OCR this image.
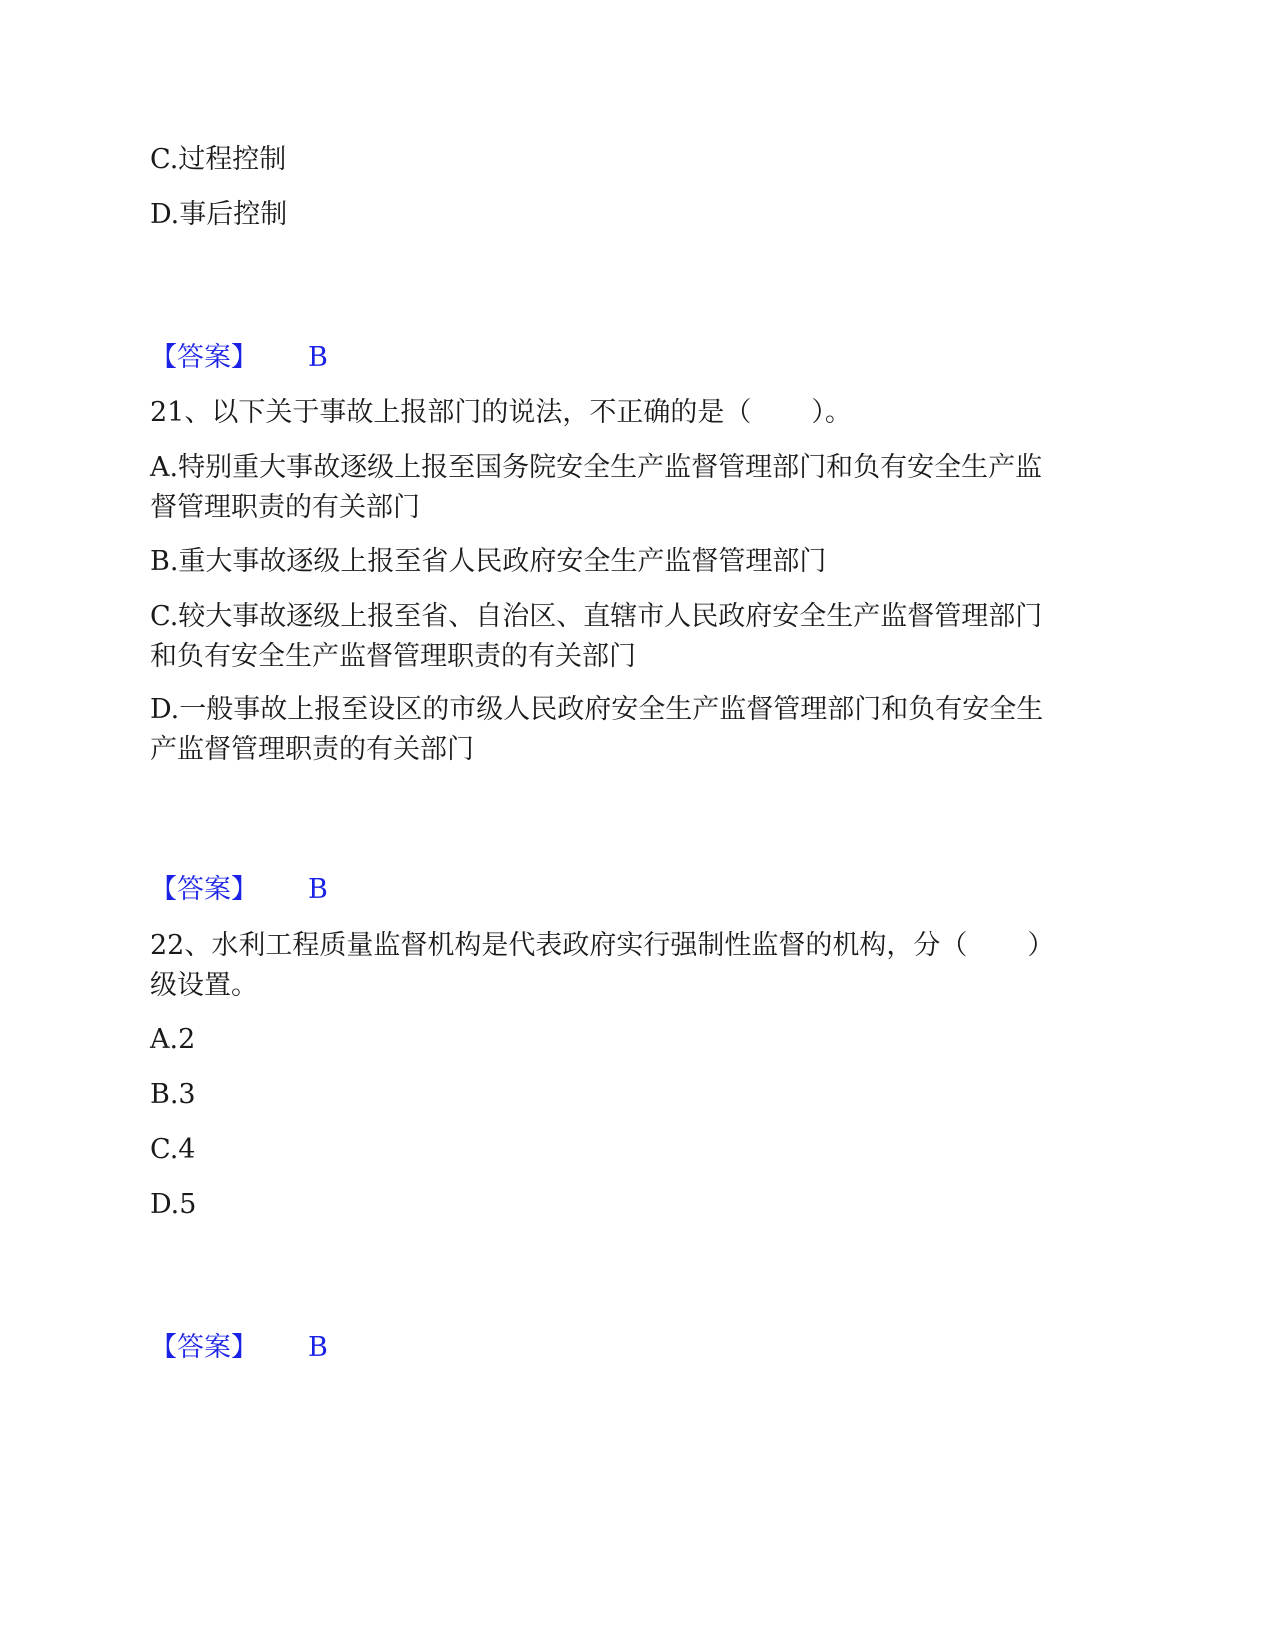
C.过程控制
D.事后控制
【答案】 B
21、以下关于事故上报部门的说法，不正确的是（ ）。
A.特别重大事故逐级上报至国务院安全生产监督管理部门和负有安全生产监
督管理职责的有关部门
B.重大事故逐级上报至省人民政府安全生产监督管理部门
C.较大事故逐级上报至省、自治区、直辖市人民政府安全生产监督管理部门
和负有安全生产监督管理职责的有关部门
D.一般事故上报至设区的市级人民政府安全生产监督管理部门和负有安全生
产监督管理职责的有关部门
【答案】 B
22、水利工程质量监督机构是代表政府实行强制性监督的机构，分（ ）
级设置。
A.2
B.3
C.4
D.5
【答案】 B
